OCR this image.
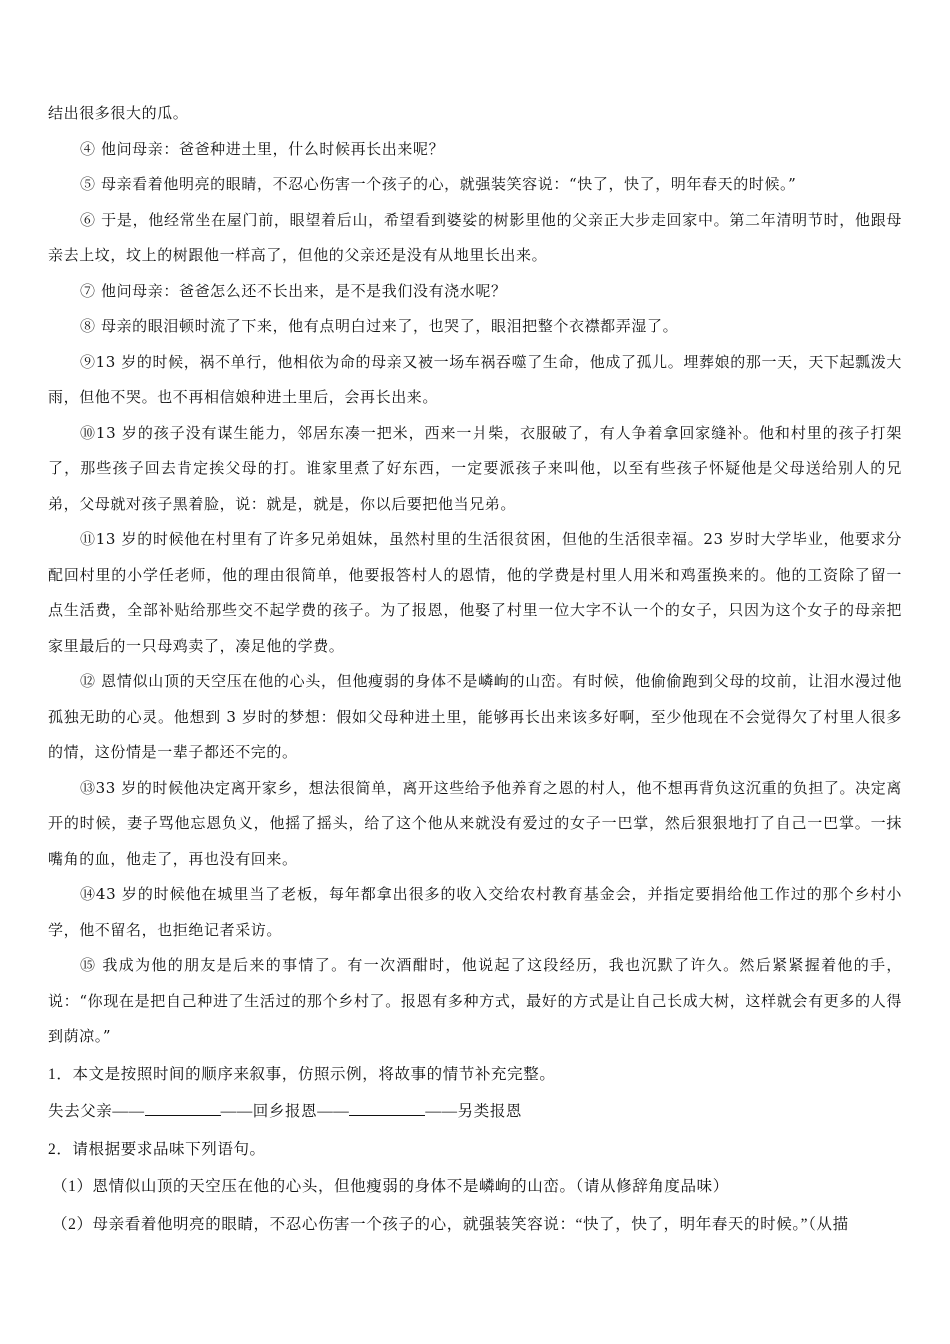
结出很多很大的瓜。

④ 他问母亲：爸爸种进土里，什么时候再长出来呢？

⑤ 母亲看着他明亮的眼睛，不忍心伤害一个孩子的心，就强装笑容说：“快了，快了，明年春天的时候。”

⑥ 于是，他经常坐在屋门前，眼望着后山，希望看到婆娑的树影里他的父亲正大步走回家中。第二年清明节时，他跟母亲去上坟，坟上的树跟他一样高了，但他的父亲还是没有从地里长出来。

⑦ 他问母亲：爸爸怎么还不长出来，是不是我们没有浇水呢？

⑧ 母亲的眼泪顿时流了下来，他有点明白过来了，也哭了，眼泪把整个衣襟都弄湿了。

⑨13 岁的时候，祸不单行，他相依为命的母亲又被一场车祸吞噬了生命，他成了孤儿。埋葬娘的那一天，天下起瓢泼大雨，但他不哭。也不再相信娘种进土里后，会再长出来。

⑩13 岁的孩子没有谋生能力，邻居东凑一把米，西来一爿柴，衣服破了，有人争着拿回家缝补。他和村里的孩子打架了，那些孩子回去肯定挨父母的打。谁家里煮了好东西，一定要派孩子来叫他，以至有些孩子怀疑他是父母送给别人的兄弟，父母就对孩子黑着脸，说：就是，就是，你以后要把他当兄弟。

⑪13 岁的时候他在村里有了许多兄弟姐妹，虽然村里的生活很贫困，但他的生活很幸福。23 岁时大学毕业，他要求分配回村里的小学任老师，他的理由很简单，他要报答村人的恩情，他的学费是村里人用米和鸡蛋换来的。他的工资除了留一点生活费，全部补贴给那些交不起学费的孩子。为了报恩，他娶了村里一位大字不认一个的女子，只因为这个女子的母亲把家里最后的一只母鸡卖了，凑足他的学费。

⑫ 恩情似山顶的天空压在他的心头，但他瘦弱的身体不是嶙峋的山峦。有时候，他偷偷跑到父母的坟前，让泪水漫过他孤独无助的心灵。他想到 3 岁时的梦想：假如父母种进土里，能够再长出来该多好啊，至少他现在不会觉得欠了村里人很多的情，这份情是一辈子都还不完的。

⑬33 岁的时候他决定离开家乡，想法很简单，离开这些给予他养育之恩的村人，他不想再背负这沉重的负担了。决定离开的时候，妻子骂他忘恩负义，他摇了摇头，给了这个他从来就没有爱过的女子一巴掌，然后狠狠地打了自己一巴掌。一抹嘴角的血，他走了，再也没有回来。

⑭43 岁的时候他在城里当了老板，每年都拿出很多的收入交给农村教育基金会，并指定要捐给他工作过的那个乡村小学，他不留名，也拒绝记者采访。

⑮ 我成为他的朋友是后来的事情了。有一次酒酣时，他说起了这段经历，我也沉默了许久。然后紧紧握着他的手，说：“你现在是把自己种进了生活过的那个乡村了。报恩有多种方式，最好的方式是让自己长成大树，这样就会有更多的人得到荫凉。”

1．本文是按照时间的顺序来叙事，仿照示例，将故事的情节补充完整。

失去父亲——	——回乡报恩——	——另类报恩

2．请根据要求品味下列语句。

（1）恩情似山顶的天空压在他的心头，但他瘦弱的身体不是嶙峋的山峦。（请从修辞角度品味）

（2）母亲看着他明亮的眼睛，不忍心伤害一个孩子的心，就强装笑容说：“快了，快了，明年春天的时候。”（从描
